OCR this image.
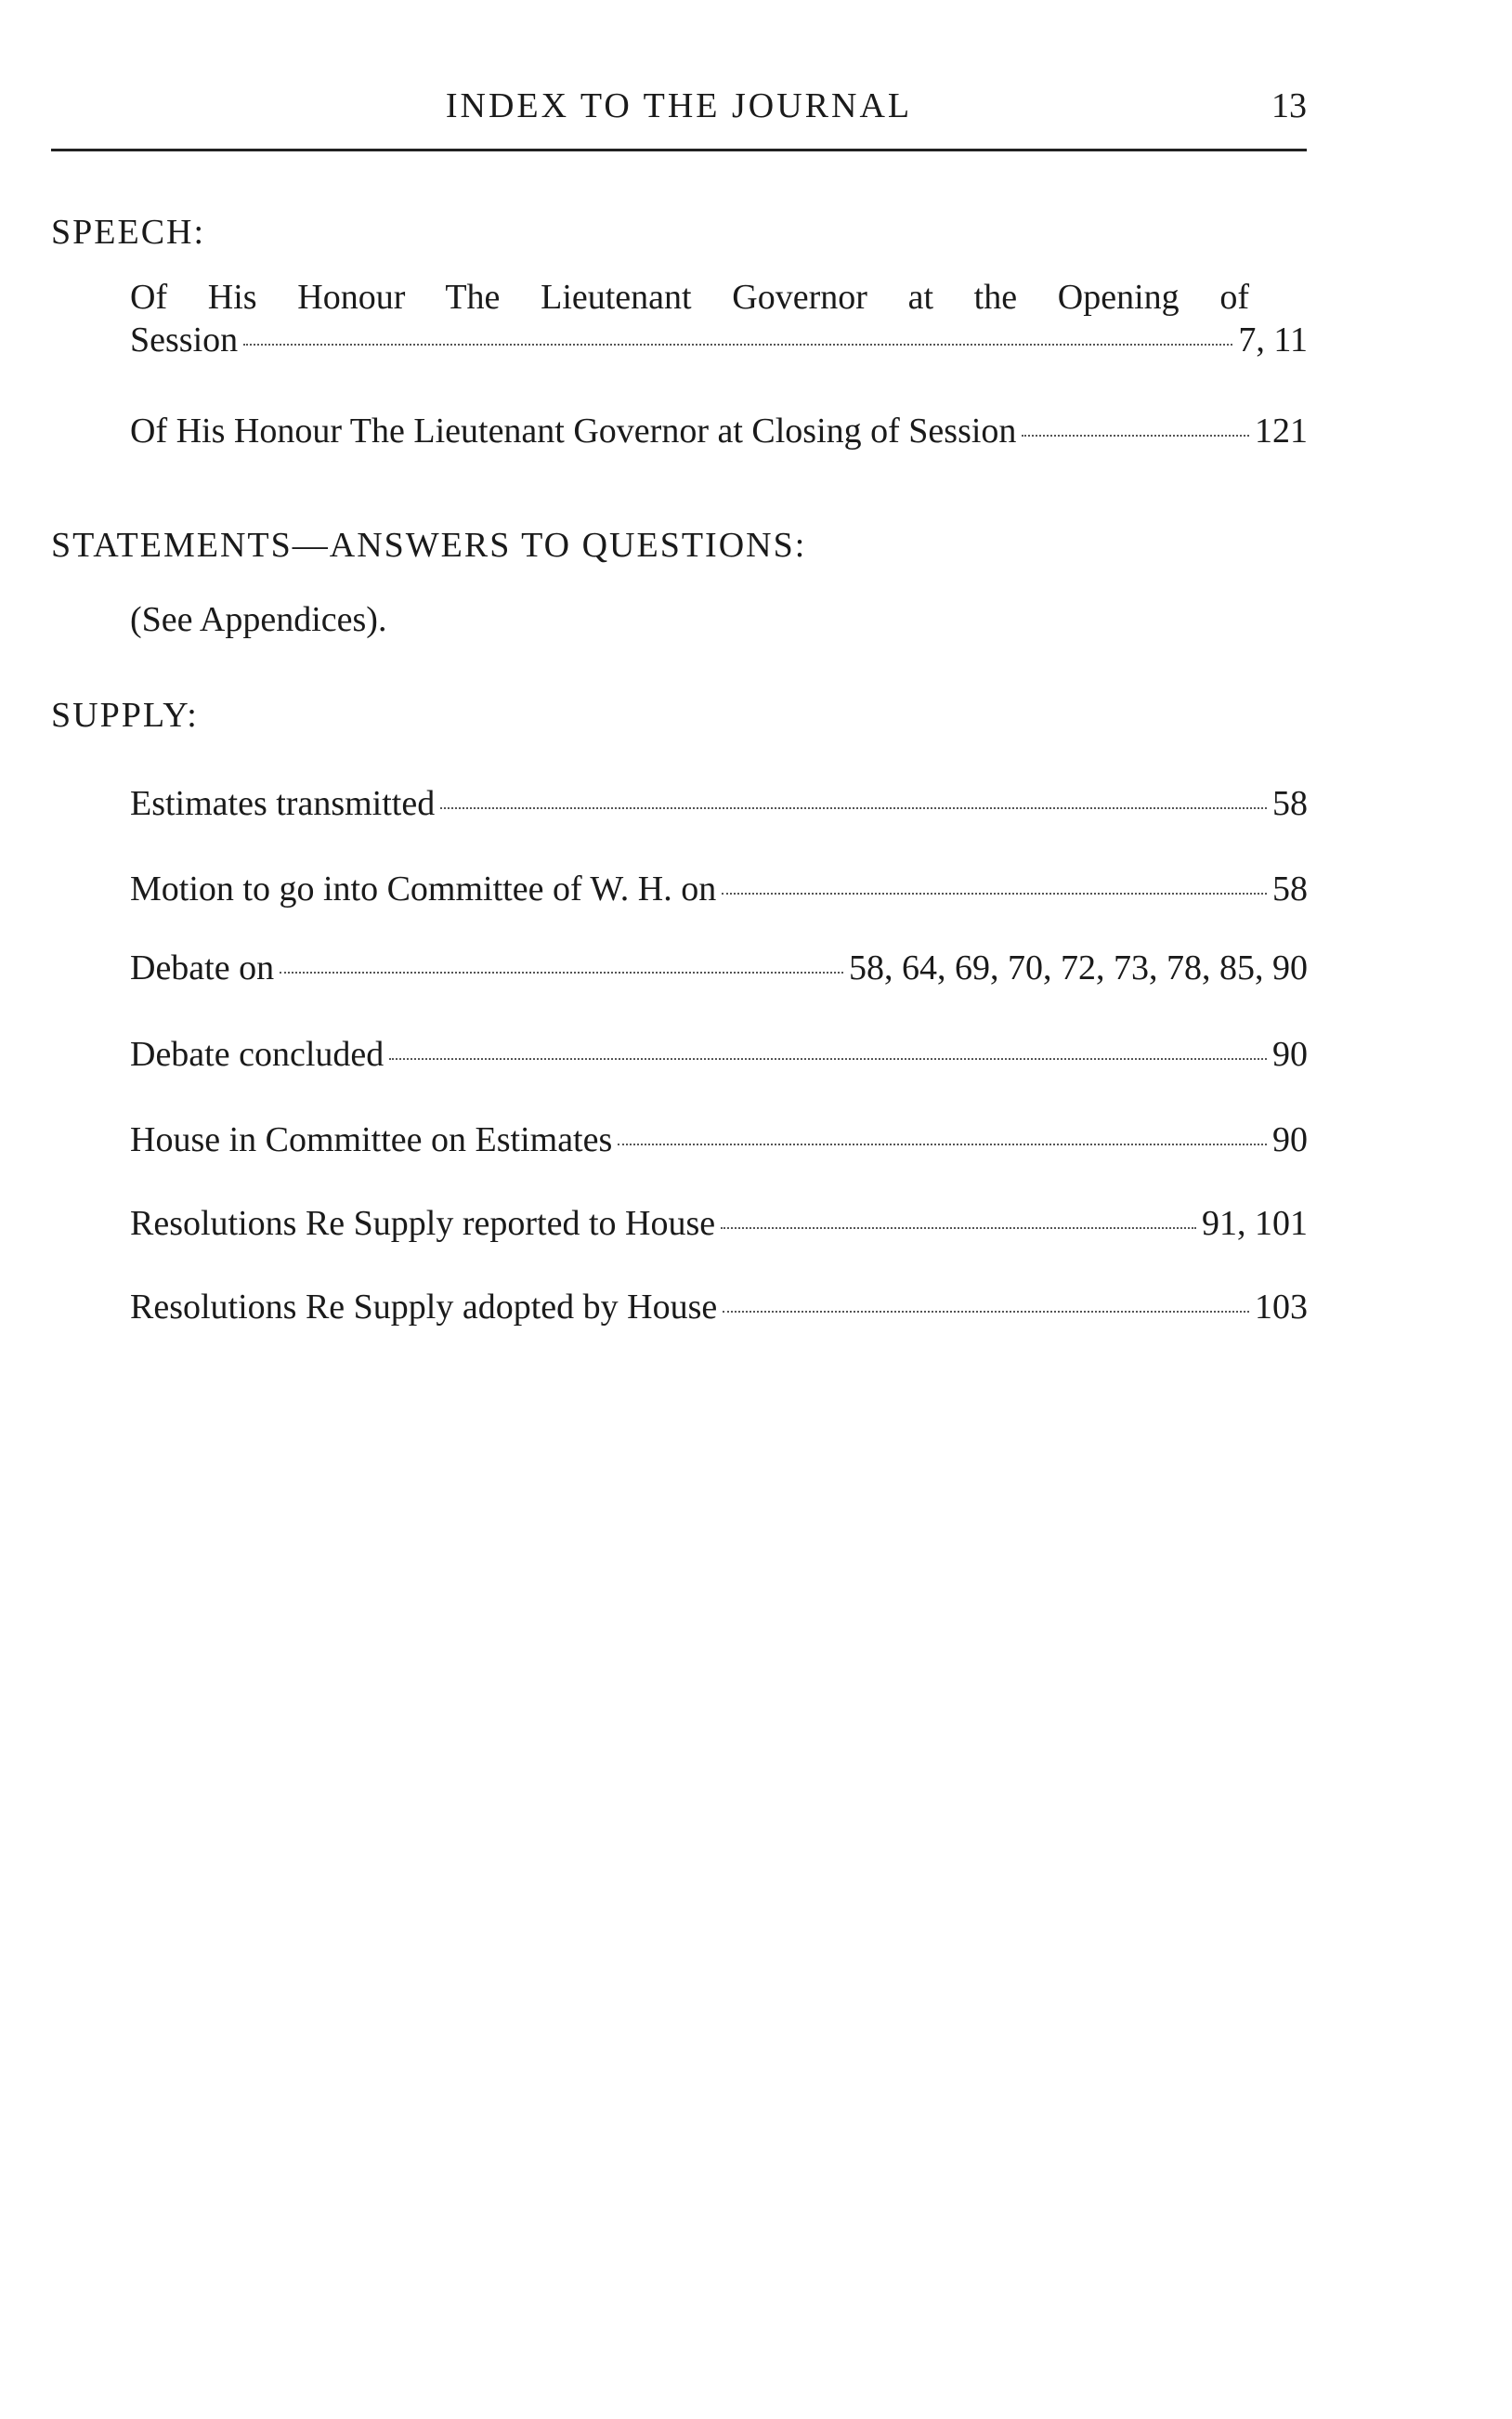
INDEX TO THE JOURNAL	13
SPEECH:
Of His Honour The Lieutenant Governor at the Opening of
Session	7, 11
Of His Honour The Lieutenant Governor at Closing of Session	121
STATEMENTS—ANSWERS TO QUESTIONS:
(See Appendices).
SUPPLY:
Estimates transmitted	58
Motion to go into Committee of W. H. on	58
Debate on	58, 64, 69, 70, 72, 73, 78, 85, 90
Debate concluded	90
House in Committee on Estimates	90
Resolutions Re Supply reported to House	91, 101
Resolutions Re Supply adopted by House	103
